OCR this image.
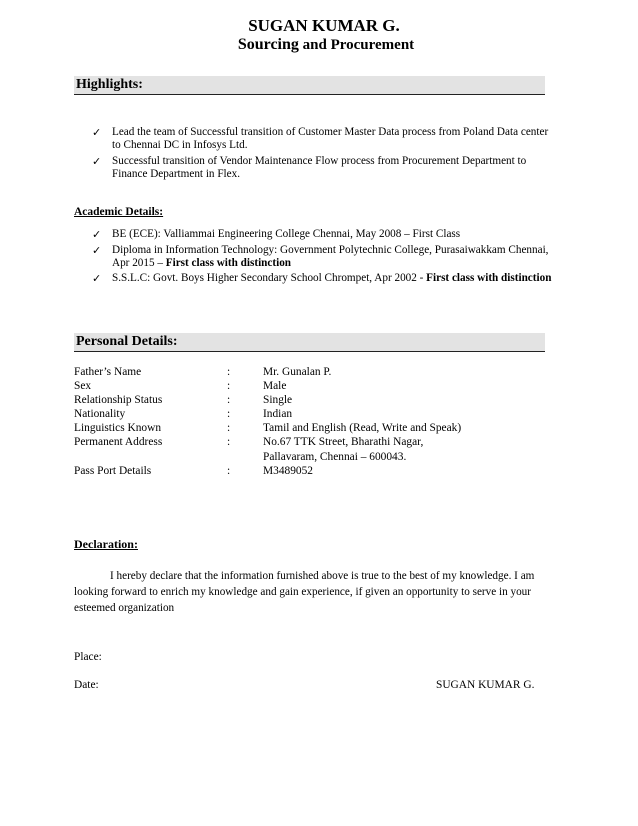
SUGAN KUMAR G.
Sourcing and Procurement
Highlights:
✓ Lead the team of Successful transition of Customer Master Data process from Poland Data center to Chennai DC in Infosys Ltd.
✓ Successful transition of Vendor Maintenance Flow process from Procurement Department to Finance Department in Flex.
Academic Details:
✓ BE (ECE): Valliammai Engineering College Chennai, May 2008 – First Class
✓ Diploma in Information Technology: Government Polytechnic College, Purasaiwakkam Chennai, Apr 2015 – First class with distinction
✓ S.S.L.C: Govt. Boys Higher Secondary School Chrompet, Apr 2002 - First class with distinction
Personal Details:
Father’s Name	:	Mr. Gunalan P.
Sex	:	Male
Relationship Status	:	Single
Nationality	:	Indian
Linguistics Known	:	Tamil and English (Read, Write and Speak)
Permanent Address	:	No.67 TTK Street, Bharathi Nagar,
Pallavaram, Chennai – 600043.
Pass Port Details	:	M3489052
Declaration:
I hereby declare that the information furnished above is true to the best of my knowledge. I am looking forward to enrich my knowledge and gain experience, if given an opportunity to serve in your esteemed organization
Place:
Date:	SUGAN KUMAR G.
